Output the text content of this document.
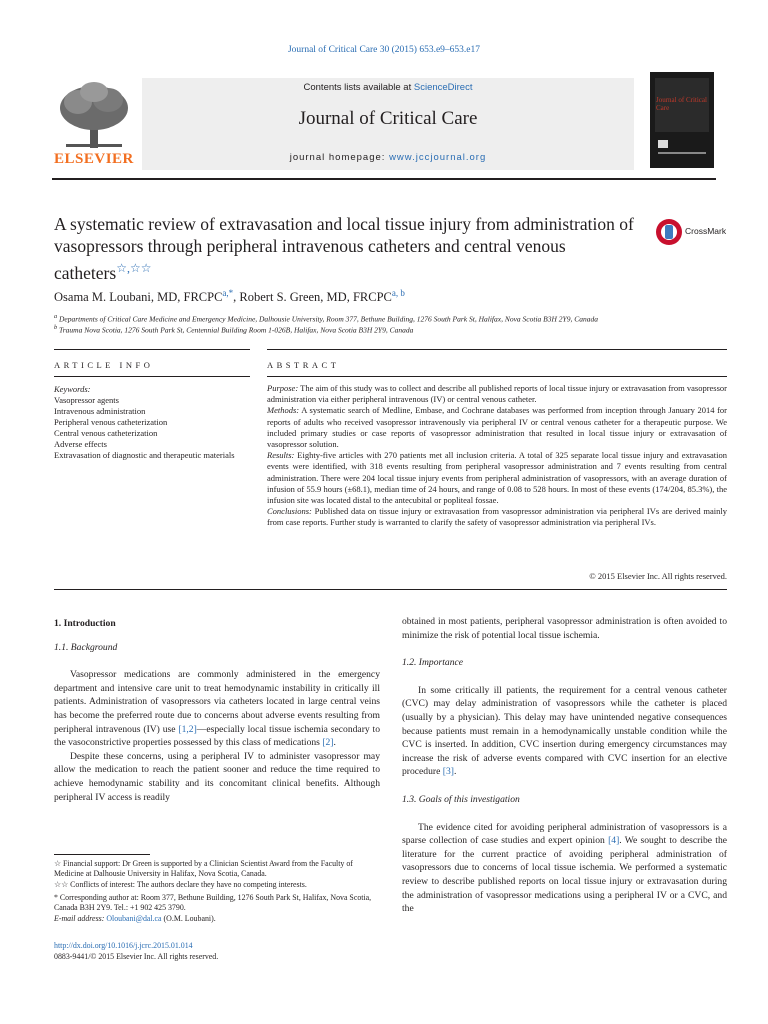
Journal of Critical Care 30 (2015) 653.e9–653.e17
ELSEVIER
Contents lists available at ScienceDirect
Journal of Critical Care
journal homepage: www.jccjournal.org
Journal of Critical Care
A systematic review of extravasation and local tissue injury from administration of vasopressors through peripheral intravenous catheters and central venous catheters☆,☆☆
CrossMark
Osama M. Loubani, MD, $FRCPC^{a,*}$, Robert S. Green, MD, FRCPC$^{a, b}$
$^a$ Departments of Critical Care Medicine and Emergency Medicine, Dalhousie University, Room 377, Bethune Building, 1276 South Park St, Halifax, Nova Scotia B3H 2Y9, Canada
$^b$ Trauma Nova Scotia, 1276 South Park St, Centennial Building Room 1-026B, Halifax, Nova Scotia B3H 2Y9, Canada
ARTICLE INFO	ABSTRACT
Keywords:
Vasopressor agents
Intravenous administration
Peripheral venous catheterization
Central venous catheterization
Adverse effects
Extravasation of diagnostic and therapeutic materials

Purpose: The aim of this study was to collect and describe all published reports of local tissue injury or extravasation from vasopressor administration via either peripheral intravenous (IV) or central venous catheter.

Methods: A systematic search of Medline, Embase, and Cochrane databases was performed from inception through January 2014 for reports of adults who received vasopressor intravenously via peripheral IV or central venous catheter for a therapeutic purpose. We included primary studies or case reports of vasopressor administration that resulted in local tissue injury or extravasation of vasopressor solution.

Results: Eighty-five articles with 270 patients met all inclusion criteria. A total of 325 separate local tissue injury and extravasation events were identified, with 318 events resulting from peripheral vasopressor administration and 7 events resulting from central administration. There were 204 local tissue injury events from peripheral administration of vasopressors, with an average duration of infusion of 55.9 hours (±68.1), median time of 24 hours, and range of 0.08 to 528 hours. In most of these events (174/204, 85.3%), the infusion site was located distal to the antecubital or popliteal fossae.

Conclusions: Published data on tissue injury or extravasation from vasopressor administration via peripheral IVs are derived mainly from case reports. Further study is warranted to clarify the safety of vasopressor administration via peripheral IVs.

© 2015 Elsevier Inc. All rights reserved.

1. Introduction

1.1. Background

Vasopressor medications are commonly administered in the emergency department and intensive care unit to treat hemodynamic instability in critically ill patients. Administration of vasopressors via catheters located in large central veins has become the preferred route due to concerns about adverse events resulting from peripheral intravenous (IV) use [1,2]—especially local tissue ischemia secondary to the vasoconstrictive properties possessed by this class of medications [2].

Despite these concerns, using a peripheral IV to administer vasopressor may allow the medication to reach the patient sooner and reduce the time required to achieve hemodynamic stability and its concomitant clinical benefits. Although peripheral IV access is readily

☆ Financial support: Dr Green is supported by a Clinician Scientist Award from the Faculty of Medicine at Dalhousie University in Halifax, Nova Scotia, Canada.
☆☆ Conflicts of interest: The authors declare they have no competing interests.
* Corresponding author at: Room 377, Bethune Building, 1276 South Park St, Halifax, Nova Scotia, Canada B3H 2Y9. Tel.: +1 902 425 3790.
E-mail address: Oloubani@dal.ca (O.M. Loubani).
http://dx.doi.org/10.1016/j.jcrc.2015.01.014
0883-9441/© 2015 Elsevier Inc. All rights reserved.

obtained in most patients, peripheral vasopressor administration is often avoided to minimize the risk of potential local tissue ischemia.

1.2. Importance

In some critically ill patients, the requirement for a central venous catheter (CVC) may delay administration of vasopressors while the catheter is placed (usually by a physician). This delay may have unintended negative consequences because patients must remain in a hemodynamically unstable condition while the CVC is inserted. In addition, CVC insertion during emergency circumstances may increase the risk of adverse events compared with CVC insertion for an elective procedure [3].

1.3. Goals of this investigation

The evidence cited for avoiding peripheral administration of vasopressors is a sparse collection of case studies and expert opinion [4]. We sought to describe the literature for the current practice of avoiding peripheral administration of vasopressors due to concerns of local tissue ischemia. We performed a systematic review to describe published reports on local tissue injury or extravasation during the administration of vasopressor medications using a peripheral IV or a CVC, and the
